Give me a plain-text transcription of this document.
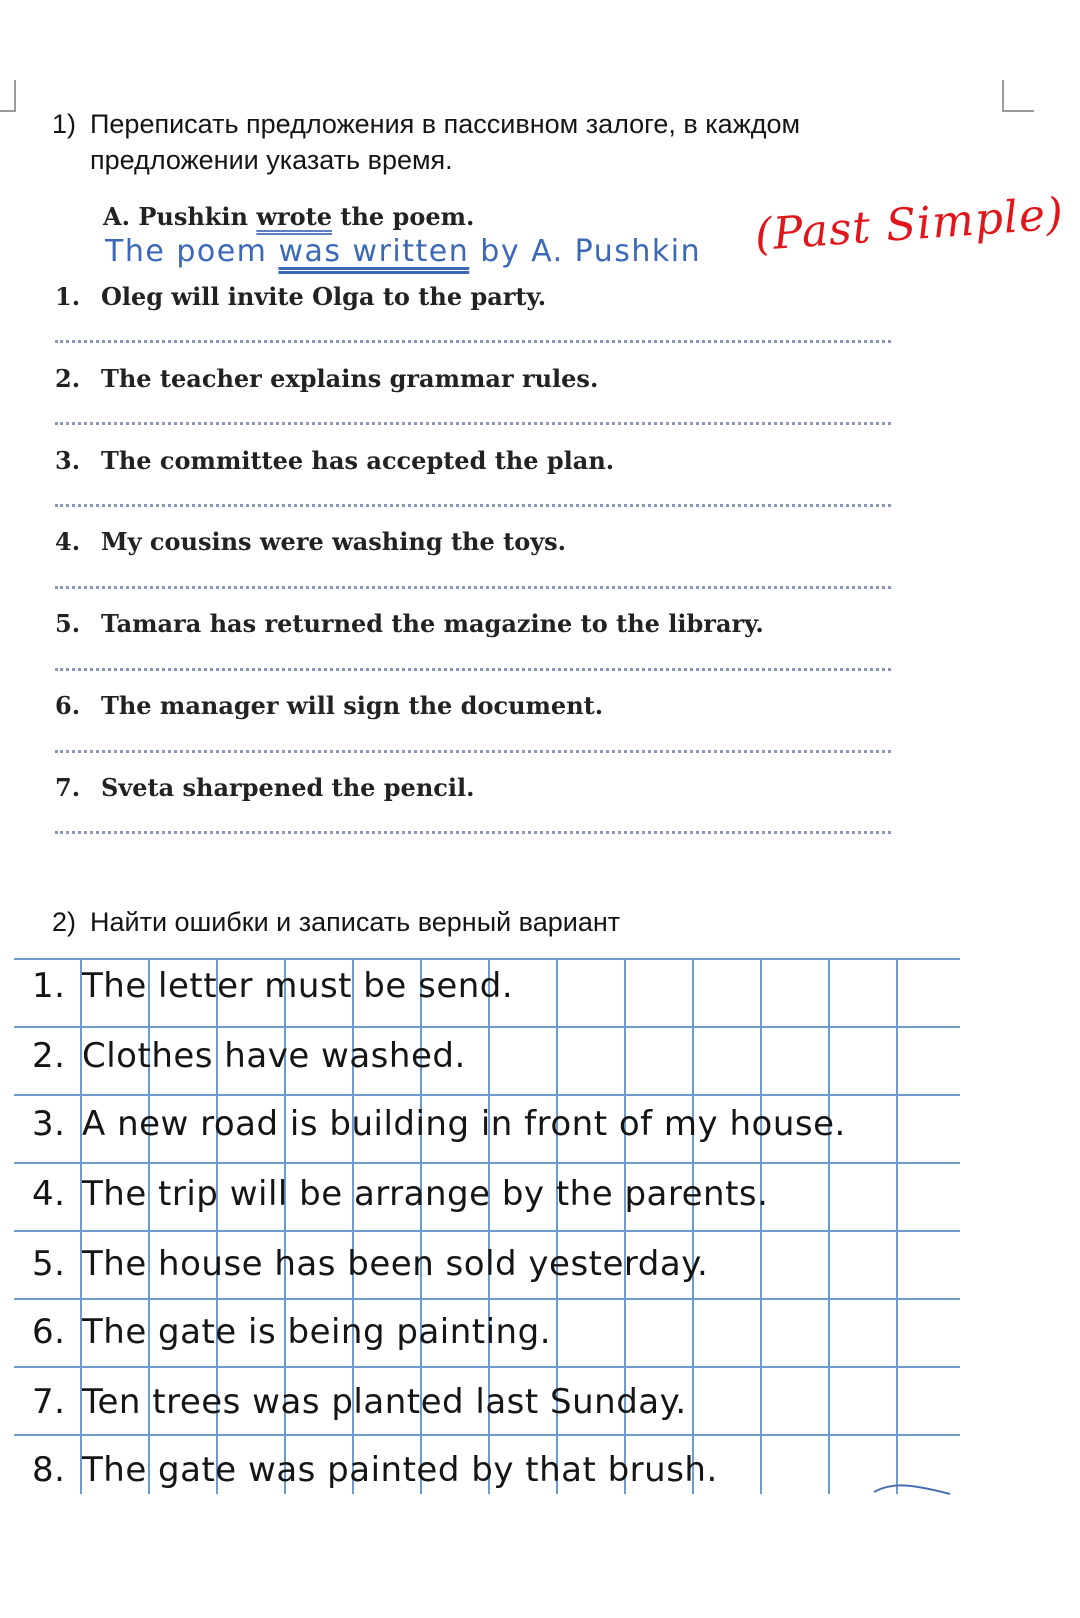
1) Переписать предложения в пассивном залоге, в каждом предложении указать время.
A. Pushkin wrote the poem.
The poem was written by A. Pushkin (Past Simple)
1. Oleg will invite Olga to the party.
2. The teacher explains grammar rules.
3. The committee has accepted the plan.
4. My cousins were washing the toys.
5. Tamara has returned the magazine to the library.
6. The manager will sign the document.
7. Sveta sharpened the pencil.
2) Найти ошибки и записать верный вариант
1. The letter must be send.
2. Clothes have washed.
3. A new road is building in front of my house.
4. The trip will be arrange by the parents.
5. The house has been sold yesterday.
6. The gate is being painting.
7. Ten trees was planted last Sunday.
8. The gate was painted by that brush.
